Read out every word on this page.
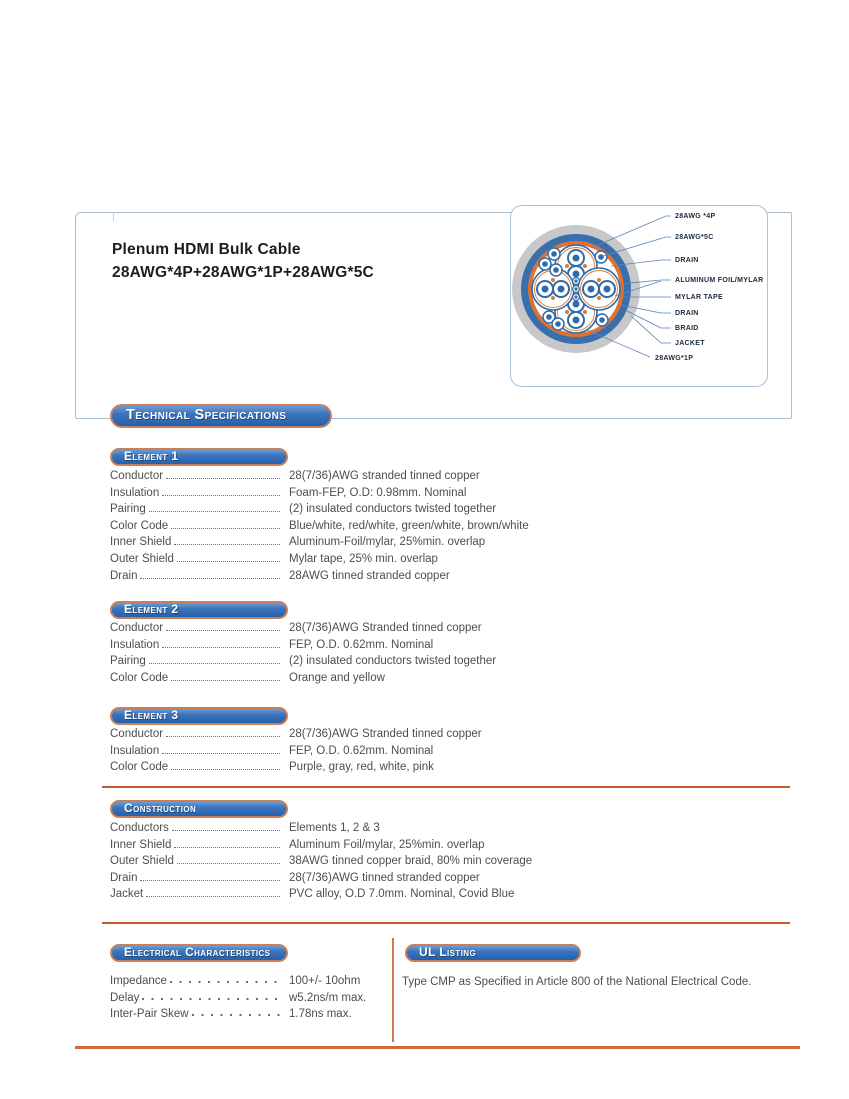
Plenum HDMI Bulk Cable
28AWG*4P+28AWG*1P+28AWG*5C
28AWG *4P
28AWG*5C
DRAIN
ALUMINUM FOIL/MYLAR
MYLAR TAPE
DRAIN
BRAID
JACKET
28AWG*1P
Technical Specifications
Element 1
Conductor	28(7/36)AWG stranded tinned copper
Insulation	Foam-FEP, O.D: 0.98mm. Nominal
Pairing	(2) insulated conductors twisted together
Color Code	Blue/white, red/white, green/white, brown/white
Inner Shield	Aluminum-Foil/mylar, 25%min. overlap
Outer Shield	Mylar tape, 25% min. overlap
Drain	28AWG tinned stranded copper
Element 2
Conductor	28(7/36)AWG Stranded tinned copper
Insulation	FEP, O.D. 0.62mm. Nominal
Pairing	(2) insulated conductors twisted together
Color Code	Orange and yellow
Element 3
Conductor	28(7/36)AWG Stranded tinned copper
Insulation	FEP, O.D. 0.62mm. Nominal
Color Code	Purple, gray, red, white, pink
Construction
Conductors	Elements 1, 2 & 3
Inner Shield	Aluminum Foil/mylar, 25%min. overlap
Outer Shield	38AWG tinned copper braid, 80% min coverage
Drain	28(7/36)AWG tinned stranded copper
Jacket	PVC alloy, O.D 7.0mm. Nominal, Covid Blue
Electrical Characteristics
Impedance	100+/- 10ohm
Delay	w5.2ns/m max.
Inter-Pair Skew	1.78ns max.
UL Listing
Type CMP as Specified in Article 800 of the National Electrical Code.
